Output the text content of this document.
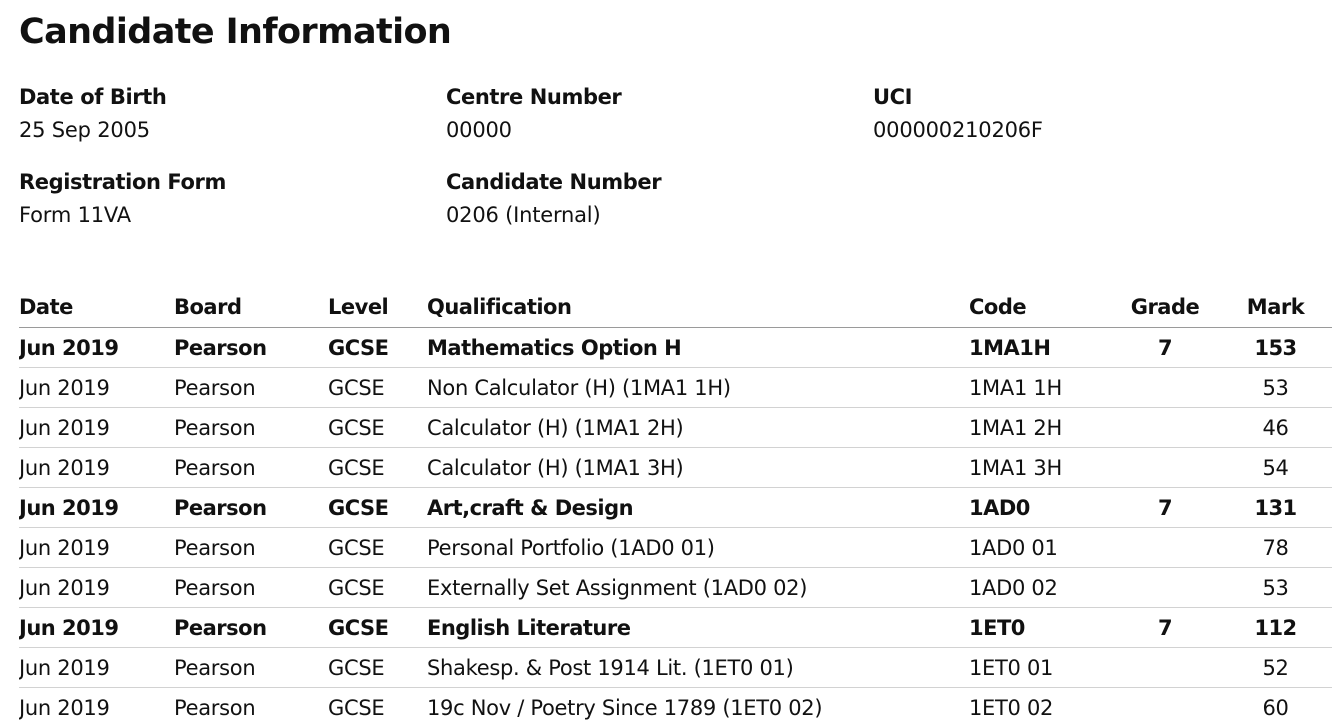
Candidate Information
Date of Birth
25 Sep 2005
Centre Number
00000
UCI
000000210206F
Registration Form
Form 11VA
Candidate Number
0206 (Internal)
Date	Board	Level	Qualification	Code	Grade	Mark
Jun 2019	Pearson	GCSE	Mathematics Option H	1MA1H	7	153
Jun 2019	Pearson	GCSE	Non Calculator (H) (1MA1 1H)	1MA1 1H		53
Jun 2019	Pearson	GCSE	Calculator (H) (1MA1 2H)	1MA1 2H		46
Jun 2019	Pearson	GCSE	Calculator (H) (1MA1 3H)	1MA1 3H		54
Jun 2019	Pearson	GCSE	Art,craft & Design	1AD0	7	131
Jun 2019	Pearson	GCSE	Personal Portfolio (1AD0 01)	1AD0 01		78
Jun 2019	Pearson	GCSE	Externally Set Assignment (1AD0 02)	1AD0 02		53
Jun 2019	Pearson	GCSE	English Literature	1ET0	7	112
Jun 2019	Pearson	GCSE	Shakesp. & Post 1914 Lit. (1ET0 01)	1ET0 01		52
Jun 2019	Pearson	GCSE	19c Nov / Poetry Since 1789 (1ET0 02)	1ET0 02		60
